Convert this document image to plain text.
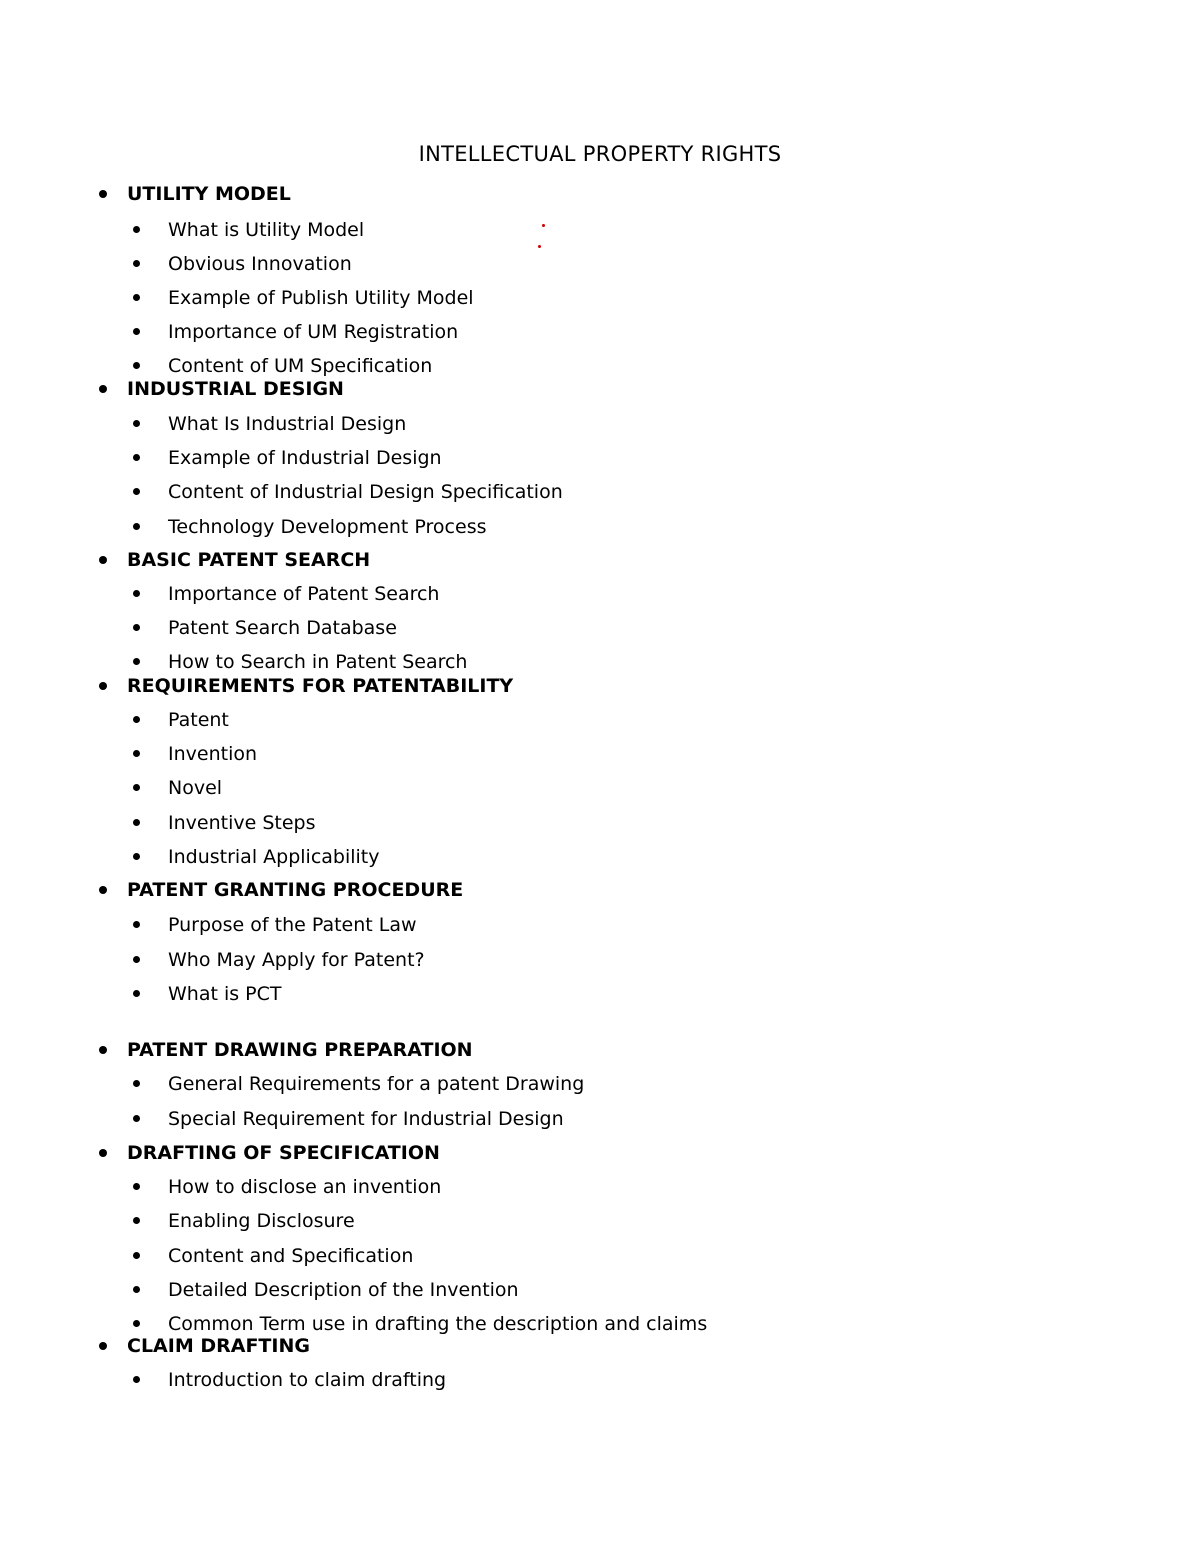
INTELLECTUAL PROPERTY RIGHTS
UTILITY MODEL
What is Utility Model
Obvious Innovation
Example of Publish Utility Model
Importance of UM Registration
Content of UM Specification
INDUSTRIAL DESIGN
What Is Industrial Design
Example of Industrial Design
Content of Industrial Design Specification
Technology Development Process
BASIC PATENT SEARCH
Importance of Patent Search
Patent Search Database
How to Search in Patent Search
REQUIREMENTS FOR PATENTABILITY
Patent
Invention
Novel
Inventive Steps
Industrial Applicability
PATENT GRANTING PROCEDURE
Purpose of the Patent Law
Who May Apply for Patent?
What is PCT
PATENT DRAWING PREPARATION
General Requirements for a patent Drawing
Special Requirement for Industrial Design
DRAFTING OF SPECIFICATION
How to disclose an invention
Enabling Disclosure
Content and Specification
Detailed Description of the Invention
Common Term use in drafting the description and claims
CLAIM DRAFTING
Introduction to claim drafting
